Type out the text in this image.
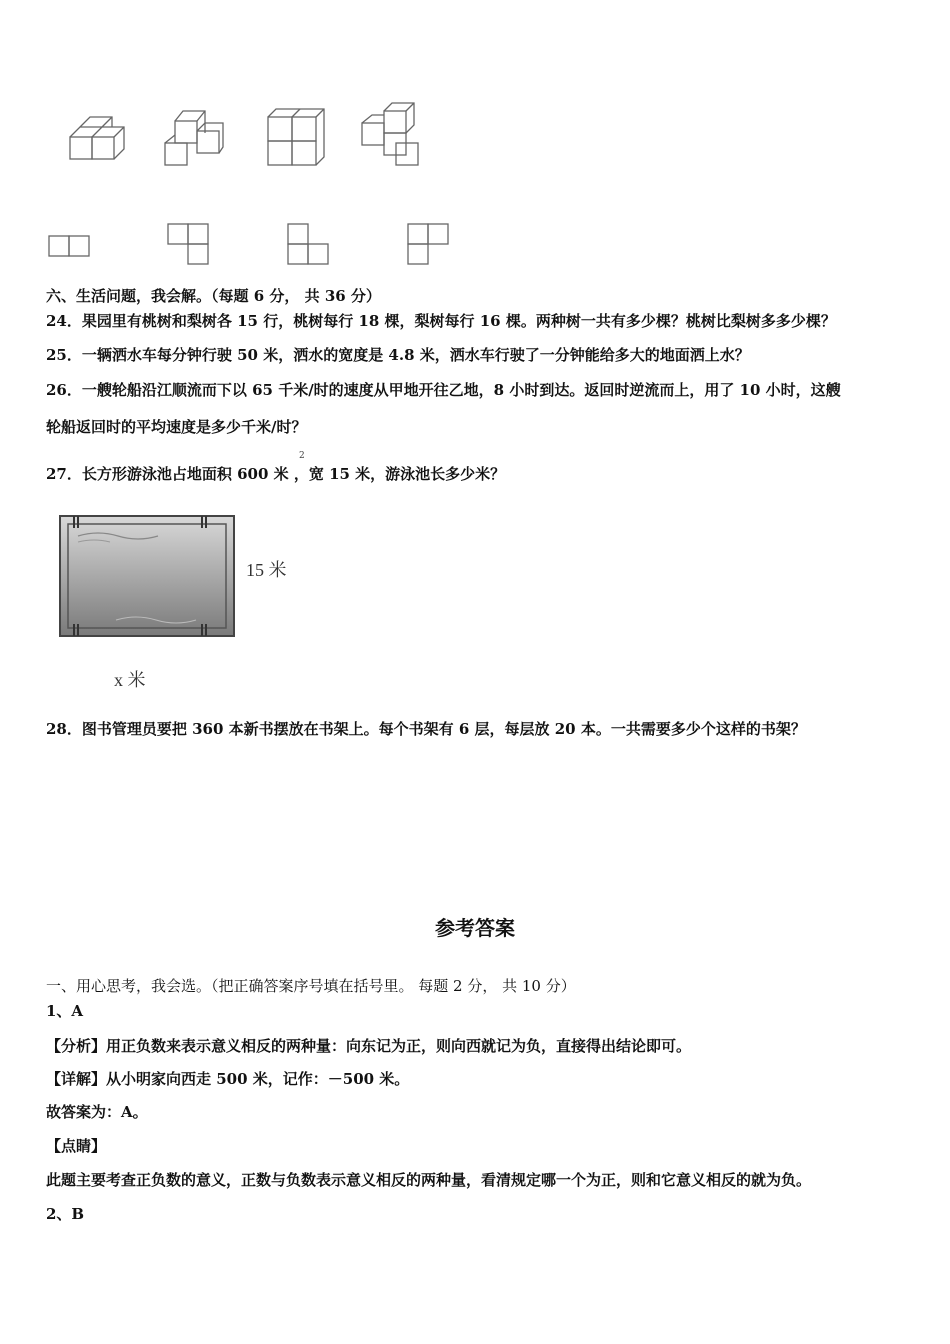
六、生活问题，我会解。（每题 6 分， 共 36 分）
24．果园里有桃树和梨树各 15 行，桃树每行 18 棵，梨树每行 16 棵。两种树一共有多少棵？桃树比梨树多多少棵？
25．一辆洒水车每分钟行驶 50 米，洒水的宽度是 4.8 米，洒水车行驶了一分钟能给多大的地面洒上水？
26．一艘轮船沿江顺流而下以 65 千米/时的速度从甲地开往乙地，8 小时到达。返回时逆流而上，用了 10 小时，这艘
轮船返回时的平均速度是多少千米/时？
27．长方形游泳池占地面积 600 米 ，宽 15 米，游泳池长多少米？
2
15 米
x 米
28．图书管理员要把 360 本新书摆放在书架上。每个书架有 6 层，每层放 20 本。一共需要多少个这样的书架？
参考答案
一、用心思考，我会选。（把正确答案序号填在括号里。 每题 2 分， 共 10 分）
1、A
【分析】用正负数来表示意义相反的两种量：向东记为正，则向西就记为负，直接得出结论即可。
【详解】从小明家向西走 500 米，记作：－500 米。
故答案为：A。
【点睛】
此题主要考查正负数的意义，正数与负数表示意义相反的两种量，看清规定哪一个为正，则和它意义相反的就为负。
2、B
